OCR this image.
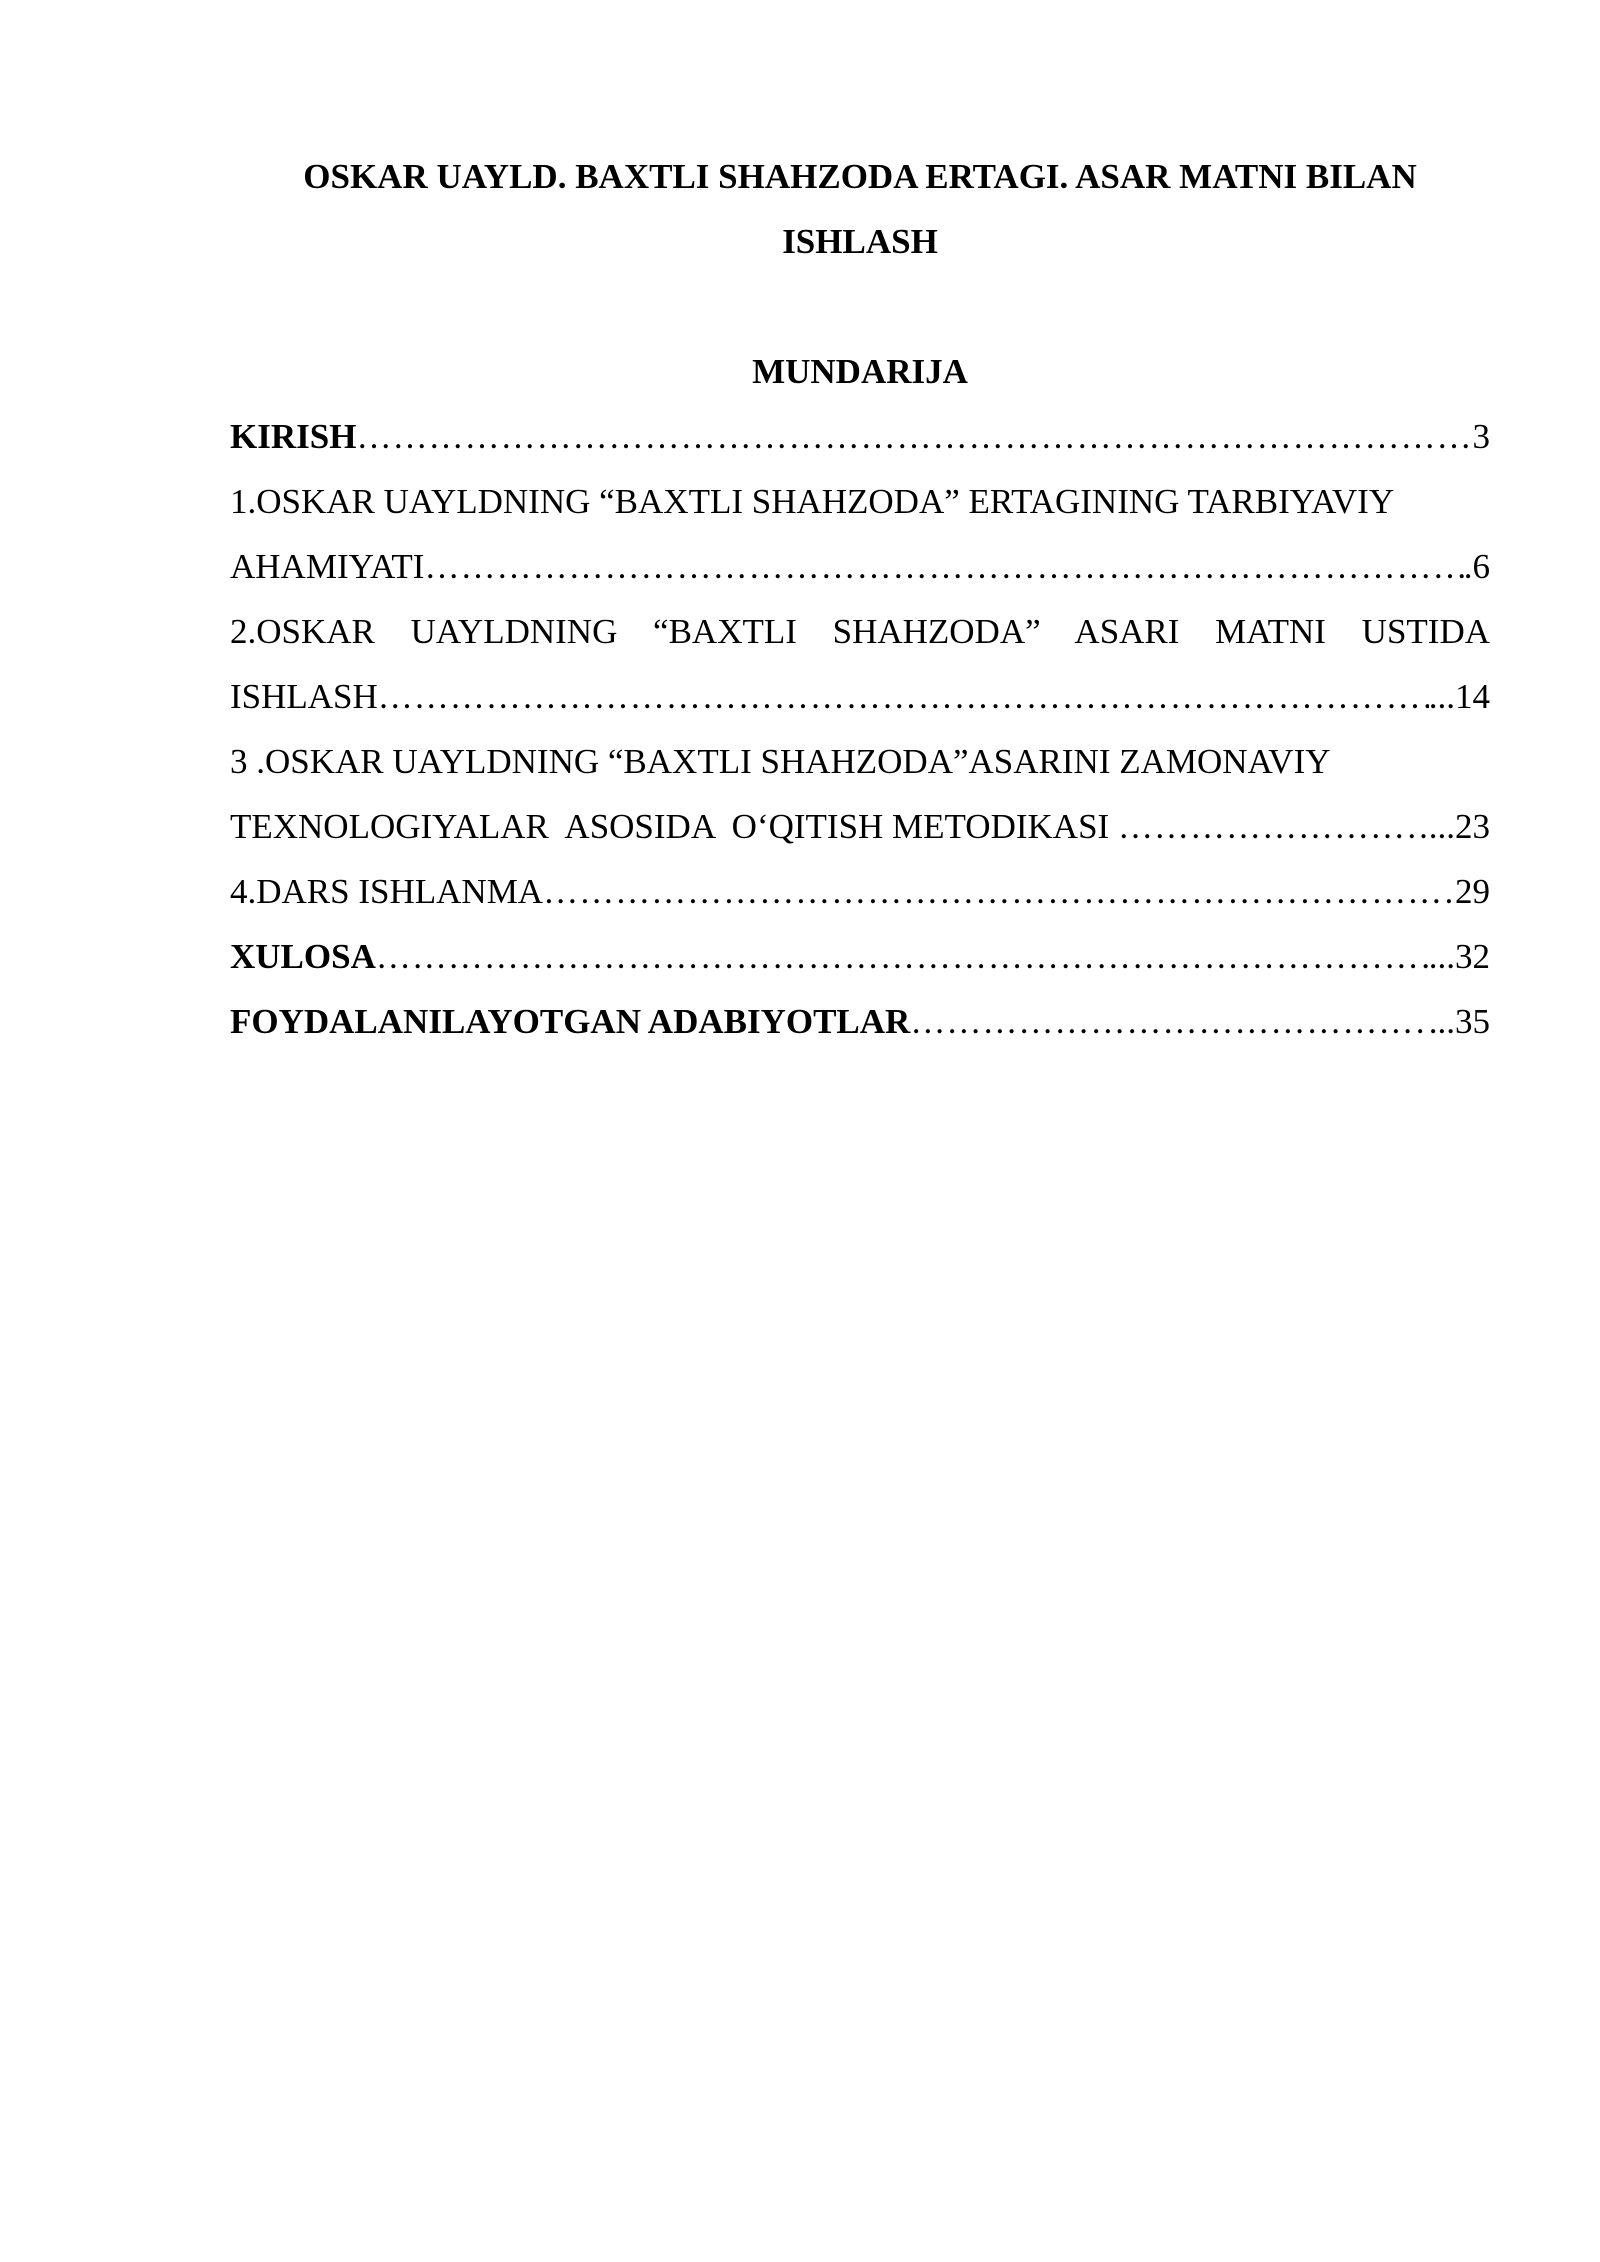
OSKAR UAYLD. BAXTLI SHAHZODA ERTAGI. ASAR MATNI BILAN
ISHLASH
MUNDARIJA
KIRISH ……………………………………………………………………………………………………………………………………………………………………………	3
1.OSKAR UAYLDNING “BAXTLI SHAHZODA” ERTAGINING TARBIYAVIY
AHAMIYATI ……………………………………………………………………………………………………………………………………………………………………………	.6
2.OSKAR UAYLDNING “BAXTLI SHAHZODA” ASARI MATNI USTIDA
ISHLASH ……………………………………………………………………………………………………………………………………………………………………………	...14
3 .OSKAR UAYLDNING “BAXTLI SHAHZODA”ASARINI ZAMONAVIY
TEXNOLOGIYALAR  ASOSIDA  O‘QITISH METODIKASI ……………………………………………………………………………………………………………………………………………………………………………	...23
4.DARS ISHLANMA ……………………………………………………………………………………………………………………………………………………………………………	29
XULOSA ……………………………………………………………………………………………………………………………………………………………………………	...32
FOYDALANILAYOTGAN ADABIYOTLAR ……………………………………………………………………………………………………………………………………………………………………………	...35
